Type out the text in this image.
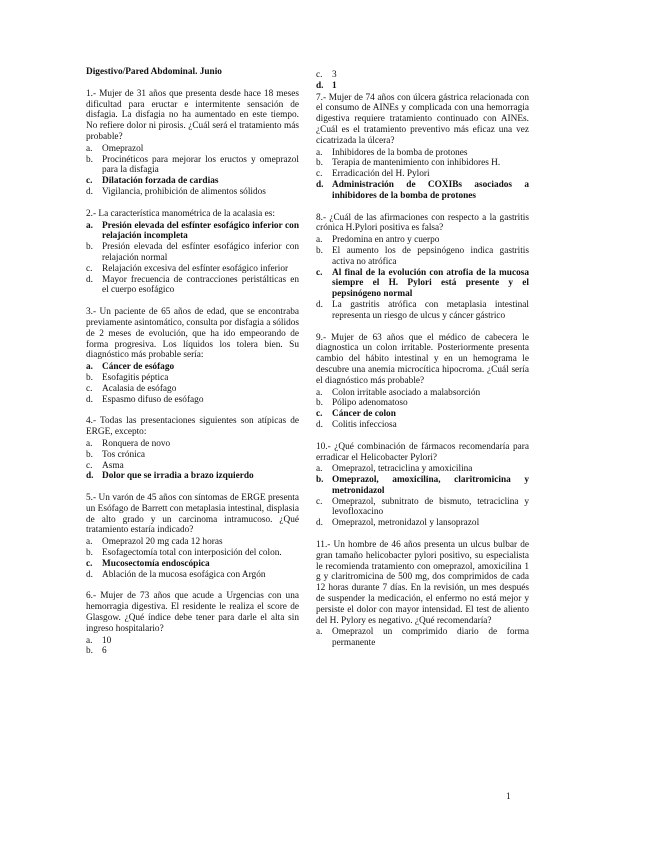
Digestivo/Pared Abdominal. Junio
1.- Mujer de 31 años que presenta desde hace 18 meses dificultad para eructar e intermitente sensación de disfagia. La disfagia no ha aumentado en este tiempo. No refiere dolor ni pirosis. ¿Cuál será el tratamiento más probable?
a.	Omeprazol
b. Procinéticos para mejorar los eructos y omeprazol para la disfagia
c.	Dilatación forzada de cardias
d. Vigilancia, prohibición de alimentos sólidos
2.- La característica manométrica de la acalasia es:
a. Presión elevada del esfínter esofágico inferior con relajación incompleta
b. Presión elevada del esfínter esofágico inferior con relajación normal
c.	Relajación excesiva del esfínter esofágico inferior
d. Mayor frecuencia de contracciones peristálticas en el cuerpo esofágico
3.- Un paciente de 65 años de edad, que se encontraba previamente asintomático, consulta por disfagia a sólidos de 2 meses de evolución, que ha ido empeorando de forma progresiva. Los líquidos los tolera bien. Su diagnóstico más probable sería:
a. Cáncer de esófago
b. Esofagitis péptica
c.	Acalasia de esófago
d. Espasmo difuso de esófago
4.- Todas las presentaciones siguientes son atípicas de ERGE, excepto:
a.	Ronquera de novo
b. Tos crónica
c.	Asma
d. Dolor que se irradia a brazo izquierdo
5.- Un varón de 45 años con síntomas de ERGE presenta un Esófago de Barrett con metaplasia intestinal, displasia de alto grado y un carcinoma intramucoso. ¿Qué tratamiento estaría indicado?
a.	Omeprazol 20 mg cada 12 horas
b. Esofagectomía total con interposición del colon.
c.	Mucosectomía endoscópica
d. Ablación de la mucosa esofágica con Argón
6.- Mujer de 73 años que acude a Urgencias con una hemorragia digestiva. El residente le realiza el score de Glasgow. ¿Qué índice debe tener para darle el alta sin ingreso hospitalario?
a.	10
b. 6
c.	3
d. 1
7.- Mujer de 74 años con úlcera gástrica relacionada con el consumo de AINEs y complicada con una hemorragia digestiva requiere tratamiento continuado con AINEs. ¿Cuál es el tratamiento preventivo más eficaz una vez cicatrizada la úlcera?
a.	Inhibidores de la bomba de protones
b. Terapia de mantenimiento con inhibidores H.
c.	Erradicación del H. Pylori
d. Administración de COXIBs asociados a inhibidores de la bomba de protones
8.- ¿Cuál de las afirmaciones con respecto a la gastritis crónica H.Pylori positiva es falsa?
a.	Predomina en antro y cuerpo
b. El aumento los de pepsinógeno indica gastritis activa no atrófica
c.	Al final de la evolución con atrofia de la mucosa siempre el H. Pylori está presente y el pepsinógeno normal
d. La gastritis atrófica con metaplasia intestinal representa un riesgo de ulcus y cáncer gástrico
9.- Mujer de 63 años que el médico de cabecera le diagnostica un colon irritable. Posteriormente presenta cambio del hábito intestinal y en un hemograma le descubre una anemia microcítica hipocroma. ¿Cuál sería el diagnóstico más probable?
a.	Colon irritable asociado a malabsorción
b. Pólipo adenomatoso
c.	Cáncer de colon
d. Colitis infecciosa
10.- ¿Qué combinación de fármacos recomendaría para erradicar el Helicobacter Pylori?
a.	Omeprazol, tetraciclina y amoxicilina
b. Omeprazol, amoxicilina, claritromicina y metronidazol
c.	Omeprazol, subnitrato de bismuto, tetraciclina y levofloxacino
d. Omeprazol, metronidazol y lansoprazol
11.- Un hombre de 46 años presenta un ulcus bulbar de gran tamaño helicobacter pylori positivo, su especialista le recomienda tratamiento con omeprazol, amoxicilina 1 g y claritromicina de 500 mg, dos comprimidos de cada 12 horas durante 7 días. En la revisión, un mes después de suspender la medicación, el enfermo no está mejor y persiste el dolor con mayor intensidad. El test de aliento del H. Pylory es negativo. ¿Qué recomendaría?
a.	Omeprazol un comprimido diario de forma permanente
1
